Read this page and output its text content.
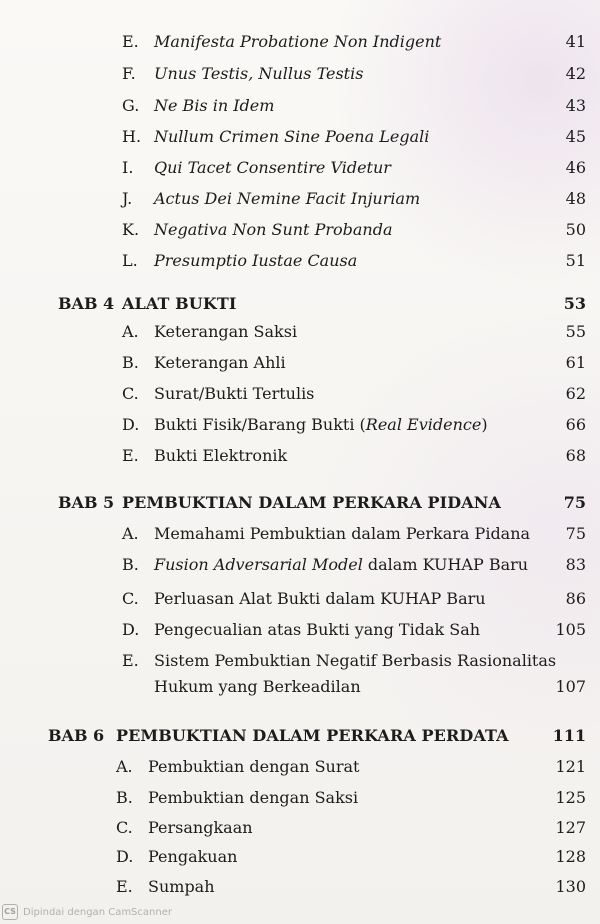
E. Manifesta Probatione Non Indigent	41
F. Unus Testis, Nullus Testis	42
G. Ne Bis in Idem	43
H. Nullum Crimen Sine Poena Legali	45
I. Qui Tacet Consentire Videtur	46
J. Actus Dei Nemine Facit Injuriam	48
K. Negativa Non Sunt Probanda	50
L. Presumptio Iustae Causa	51
BAB 4 ALAT BUKTI	53
A. Keterangan Saksi	55
B. Keterangan Ahli	61
C. Surat/Bukti Tertulis	62
D. Bukti Fisik/Barang Bukti (Real Evidence)	66
E. Bukti Elektronik	68
BAB 5 PEMBUKTIAN DALAM PERKARA PIDANA	75
A. Memahami Pembuktian dalam Perkara Pidana	75
B. Fusion Adversarial Model dalam KUHAP Baru	83
C. Perluasan Alat Bukti dalam KUHAP Baru	86
D. Pengecualian atas Bukti yang Tidak Sah	105
E. Sistem Pembuktian Negatif Berbasis Rasionalitas
Hukum yang Berkeadilan	107
BAB 6 PEMBUKTIAN DALAM PERKARA PERDATA	111
A. Pembuktian dengan Surat	121
B. Pembuktian dengan Saksi	125
C. Persangkaan	127
D. Pengakuan	128
E. Sumpah	130
CS Dipindai dengan CamScanner
